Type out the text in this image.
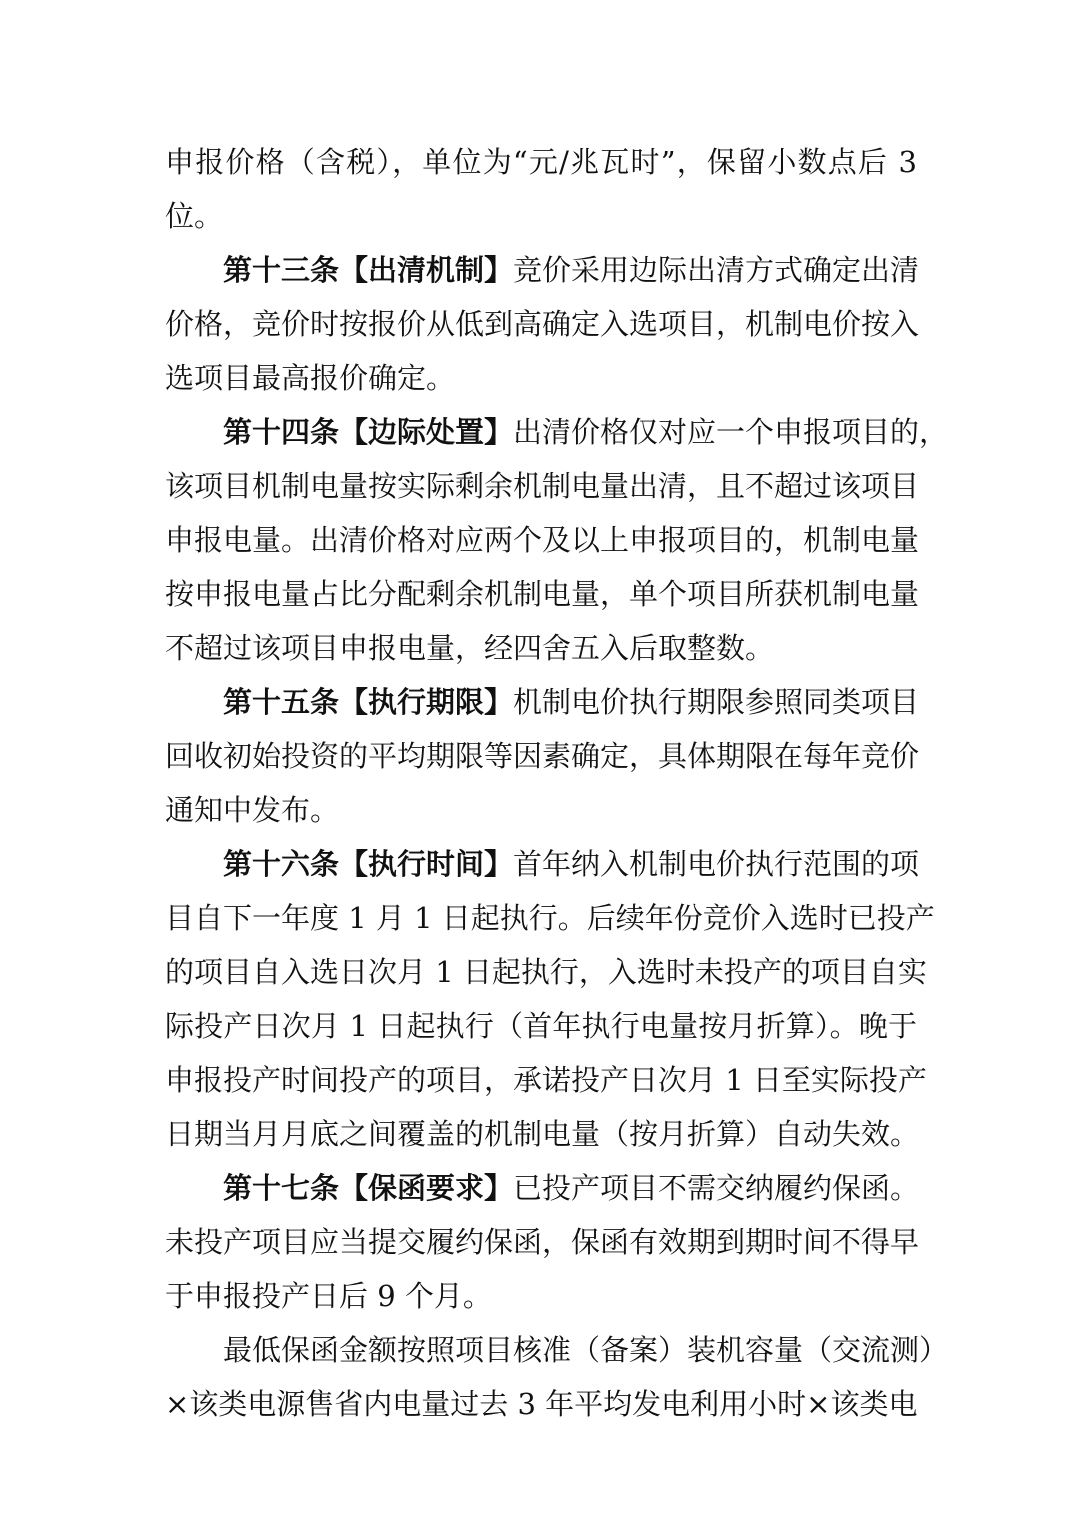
申报价格（含税），单位为“元/兆瓦时”，保留小数点后 3
位。
第十三条【出清机制】竞价采用边际出清方式确定出清
价格，竞价时按报价从低到高确定入选项目，机制电价按入
选项目最高报价确定。
第十四条【边际处置】出清价格仅对应一个申报项目的，
该项目机制电量按实际剩余机制电量出清，且不超过该项目
申报电量。出清价格对应两个及以上申报项目的，机制电量
按申报电量占比分配剩余机制电量，单个项目所获机制电量
不超过该项目申报电量，经四舍五入后取整数。
第十五条【执行期限】机制电价执行期限参照同类项目
回收初始投资的平均期限等因素确定，具体期限在每年竞价
通知中发布。
第十六条【执行时间】首年纳入机制电价执行范围的项
目自下一年度 1 月 1 日起执行。后续年份竞价入选时已投产
的项目自入选日次月 1 日起执行，入选时未投产的项目自实
际投产日次月 1 日起执行（首年执行电量按月折算）。晚于
申报投产时间投产的项目，承诺投产日次月 1 日至实际投产
日期当月月底之间覆盖的机制电量（按月折算）自动失效。
第十七条【保函要求】已投产项目不需交纳履约保函。
未投产项目应当提交履约保函，保函有效期到期时间不得早
于申报投产日后 9 个月。
最低保函金额按照项目核准（备案）装机容量（交流测）
×该类电源售省内电量过去 3 年平均发电利用小时×该类电
